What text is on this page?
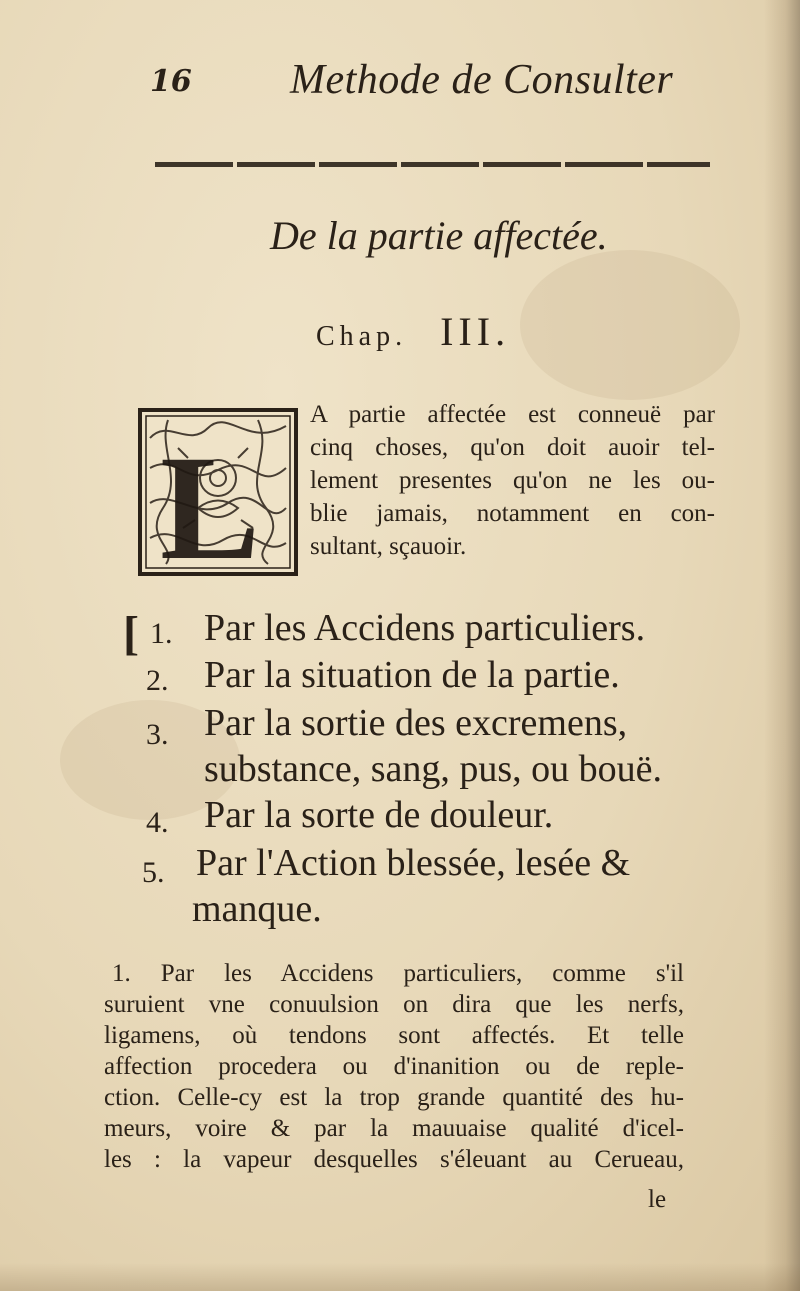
16 Methode de Consulter
De la partie affectée.
Chap. III.
L
A partie affectée est conneuë par
cinq choses, qu'on doit auoir tel-
lement presentes qu'on ne les ou-
blie jamais, notamment en con-
sultant, sçauoir.
[ 1. Par les Accidens particuliers.
2. Par la situation de la partie.
3. Par la sortie des excremens,
substance, sang, pus, ou bouë.
4. Par la sorte de douleur.
5. Par l'Action blessée, lesée &
manque.
1. Par les Accidens particuliers, comme s'il
suruient vne conuulsion on dira que les nerfs,
ligamens, où tendons sont affectés. Et telle
affection procedera ou d'inanition ou de reple-
ction. Celle-cy est la trop grande quantité des hu-
meurs, voire & par la mauuaise qualité d'icel-
les : la vapeur desquelles s'éleuant au Cerueau,
le
